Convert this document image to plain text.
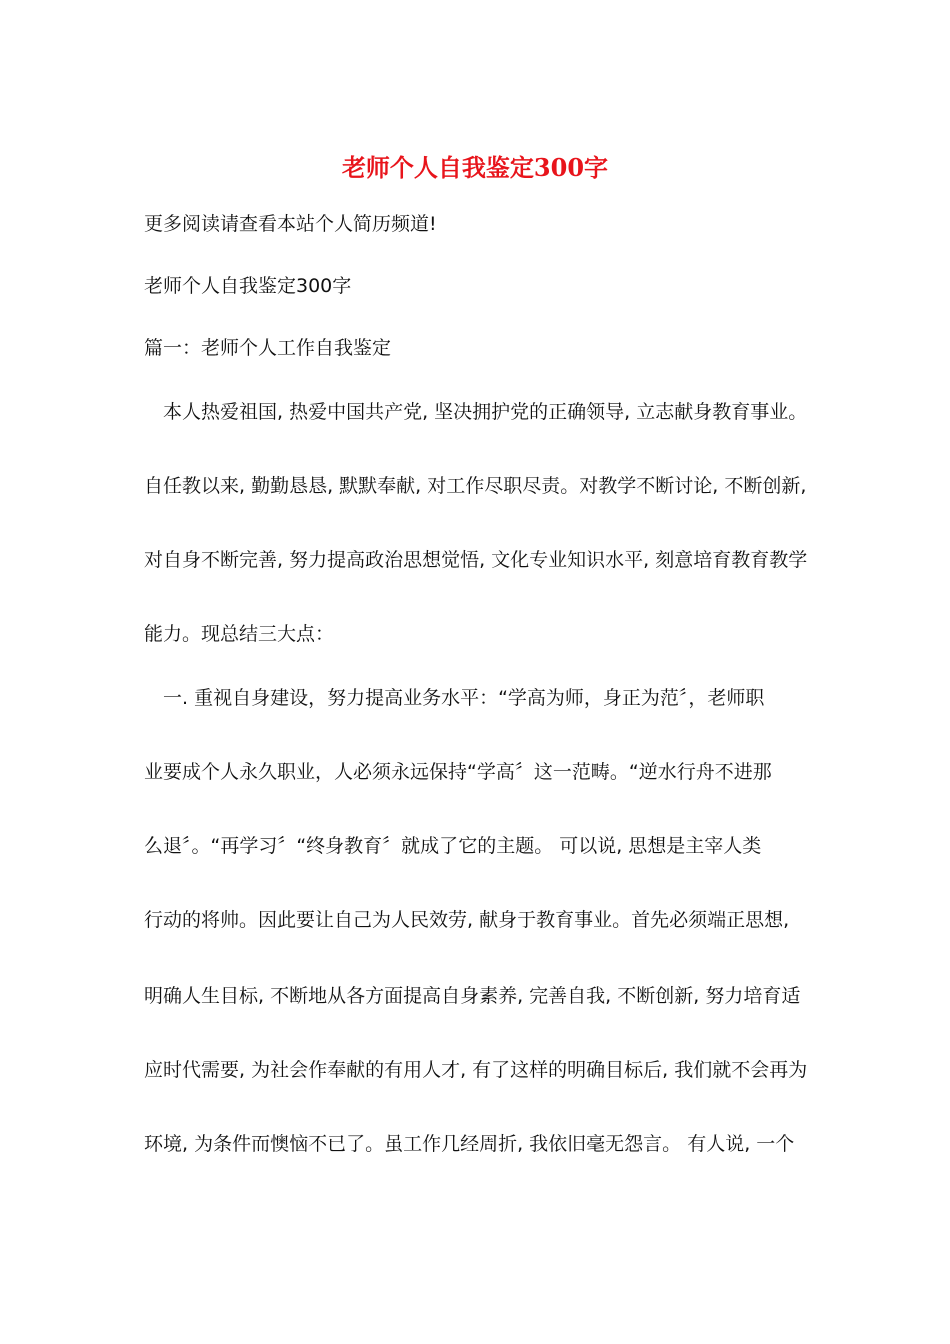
老师个人自我鉴定300字
更多阅读请查看本站个人简历频道!
老师个人自我鉴定300字
篇一：老师个人工作自我鉴定
本人热爱祖国, 热爱中国共产党, 坚决拥护党的正确领导, 立志献身教育事业。
自任教以来, 勤勤恳恳, 默默奉献, 对工作尽职尽责。对教学不断讨论, 不断创新,
对自身不断完善, 努力提高政治思想觉悟, 文化专业知识水平, 刻意培育教育教学
能力。现总结三大点：
一. 重视自身建设，努力提高业务水平：“学高为师，身正为范〞，老师职
业要成个人永久职业，人必须永远保持“学高〞这一范畴。“逆水行舟不进那
么退〞。“再学习〞“终身教育〞就成了它的主题。 可以说, 思想是主宰人类
行动的将帅。因此要让自己为人民效劳, 献身于教育事业。首先必须端正思想,
明确人生目标, 不断地从各方面提高自身素养, 完善自我, 不断创新, 努力培育适
应时代需要, 为社会作奉献的有用人才, 有了这样的明确目标后, 我们就不会再为
环境, 为条件而懊恼不已了。虽工作几经周折, 我依旧毫无怨言。 有人说, 一个
